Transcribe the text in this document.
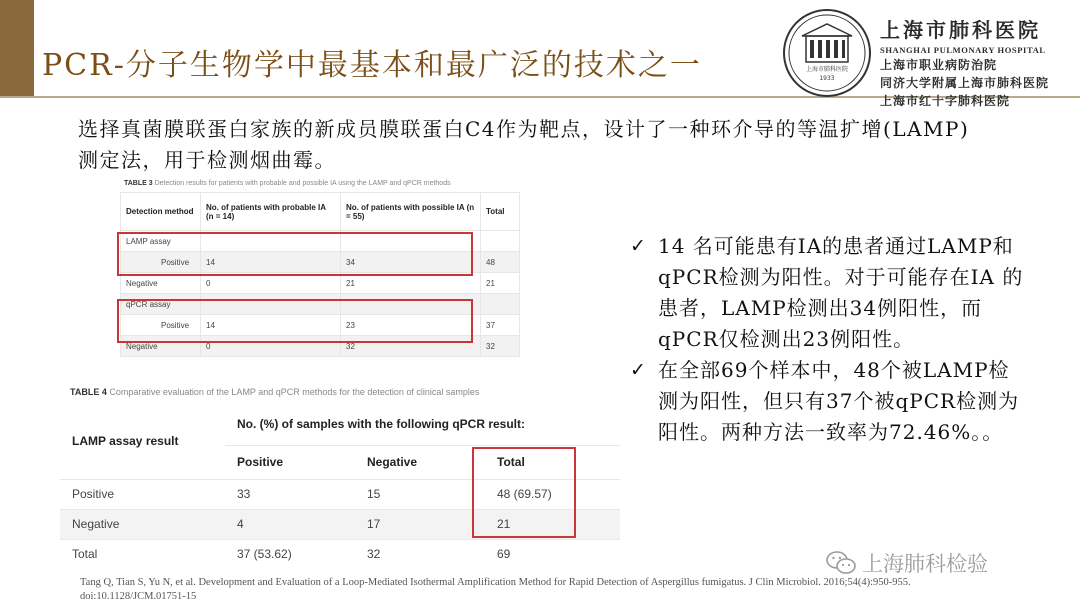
PCR-分子生物学中最基本和最广泛的技术之一	上海市肺科医院
1933
上海市肺科医院
SHANGHAI PULMONARY HOSPITAL
上海市职业病防治院
同济大学附属上海市肺科医院
上海市红十字肺科医院
选择真菌膜联蛋白家族的新成员膜联蛋白C4作为靶点，设计了一种环介导的等温扩增(LAMP)测定法，用于检测烟曲霉。
TABLE 3 Detection results for patients with probable and possible IA using the LAMP and qPCR methods
Detection method	No. of patients with probable IA (n = 14)	No. of patients with possible IA (n = 55)	Total
LAMP assay			
Positive	14	34	48
Negative	0	21	21
qPCR assay			
Positive	14	23	37
Negative	0	32	32
TABLE 4 Comparative evaluation of the LAMP and qPCR methods for the detection of clinical samples
LAMP assay result	No. (%) of samples with the following qPCR result:		
	Positive	Negative	Total
Positive	33	15	48 (69.57)
Negative	4	17	21
Total	37 (53.62)	32	69
✓ 14 名可能患有IA的患者通过LAMP和 qPCR检测为阳性。对于可能存在IA 的患者，LAMP检测出34例阳性，而qPCR仅检测出23例阳性。
✓ 在全部69个样本中，48个被LAMP检测为阳性，但只有37个被qPCR检测为阳性。两种方法一致率为72.46%。。
Tang Q, Tian S, Yu N, et al. Development and Evaluation of a Loop-Mediated Isothermal Amplification Method for Rapid Detection of Aspergillus fumigatus. J Clin Microbiol. 2016;54(4):950-955. doi:10.1128/JCM.01751-15
上海肺科检验
